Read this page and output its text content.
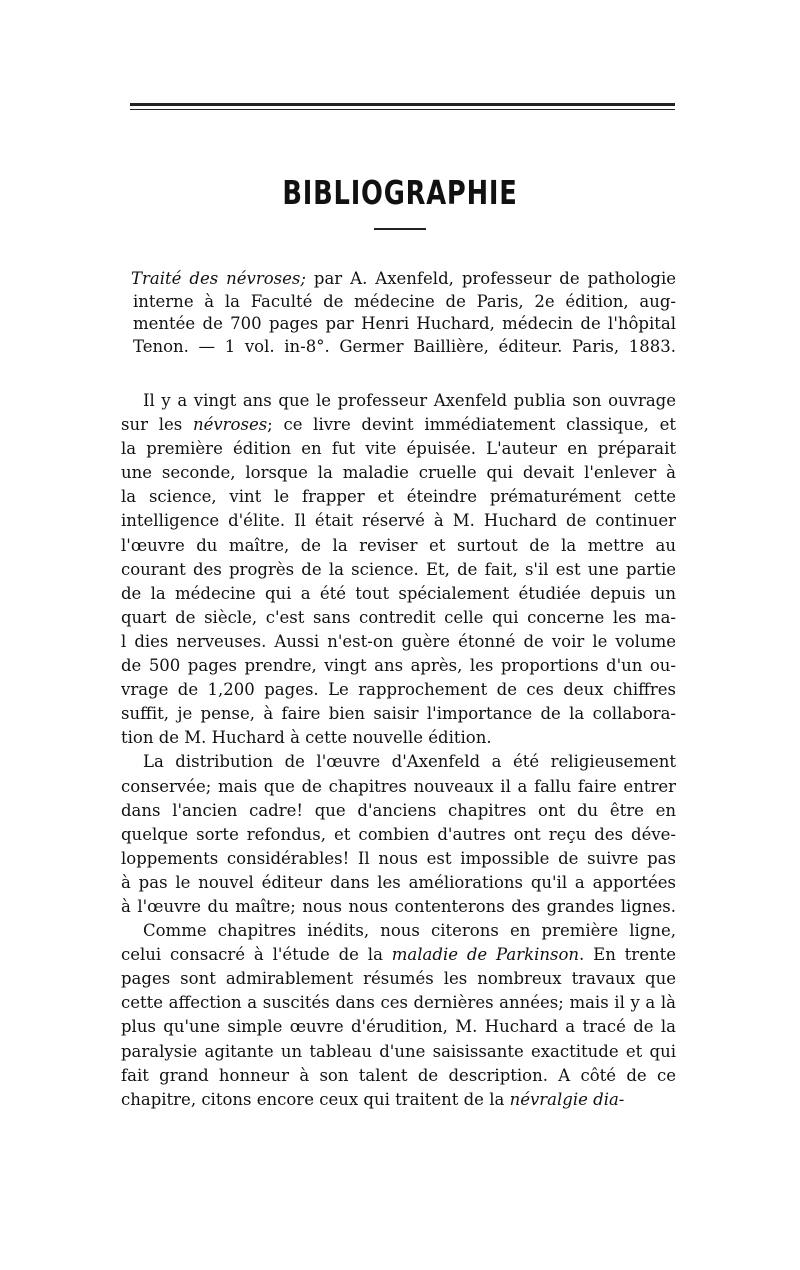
BIBLIOGRAPHIE
Traité des névroses; par A. Axenfeld, professeur de pathologie
interne à la Faculté de médecine de Paris, 2e édition, aug-
mentée de 700 pages par Henri Huchard, médecin de l'hôpital
Tenon. — 1 vol. in-8°. Germer Baillière, éditeur. Paris, 1883.
Il y a vingt ans que le professeur Axenfeld publia son ouvrage
sur les névroses; ce livre devint immédiatement classique, et
la première édition en fut vite épuisée. L'auteur en préparait
une seconde, lorsque la maladie cruelle qui devait l'enlever à
la science, vint le frapper et éteindre prématurément cette
intelligence d'élite. Il était réservé à M. Huchard de continuer
l'œuvre du maître, de la reviser et surtout de la mettre au
courant des progrès de la science. Et, de fait, s'il est une partie
de la médecine qui a été tout spécialement étudiée depuis un
quart de siècle, c'est sans contredit celle qui concerne les ma-
l dies nerveuses. Aussi n'est-on guère étonné de voir le volume
de 500 pages prendre, vingt ans après, les proportions d'un ou-
vrage de 1,200 pages. Le rapprochement de ces deux chiffres
suffit, je pense, à faire bien saisir l'importance de la collabora-
tion de M. Huchard à cette nouvelle édition.
La distribution de l'œuvre d'Axenfeld a été religieusement
conservée; mais que de chapitres nouveaux il a fallu faire entrer
dans l'ancien cadre! que d'anciens chapitres ont du être en
quelque sorte refondus, et combien d'autres ont reçu des déve-
loppements considérables! Il nous est impossible de suivre pas
à pas le nouvel éditeur dans les améliorations qu'il a apportées
à l'œuvre du maître; nous nous contenterons des grandes lignes.
Comme chapitres inédits, nous citerons en première ligne,
celui consacré à l'étude de la maladie de Parkinson. En trente
pages sont admirablement résumés les nombreux travaux que
cette affection a suscités dans ces dernières années; mais il y a là
plus qu'une simple œuvre d'érudition, M. Huchard a tracé de la
paralysie agitante un tableau d'une saisissante exactitude et qui
fait grand honneur à son talent de description. A côté de ce
chapitre, citons encore ceux qui traitent de la névralgie dia-
